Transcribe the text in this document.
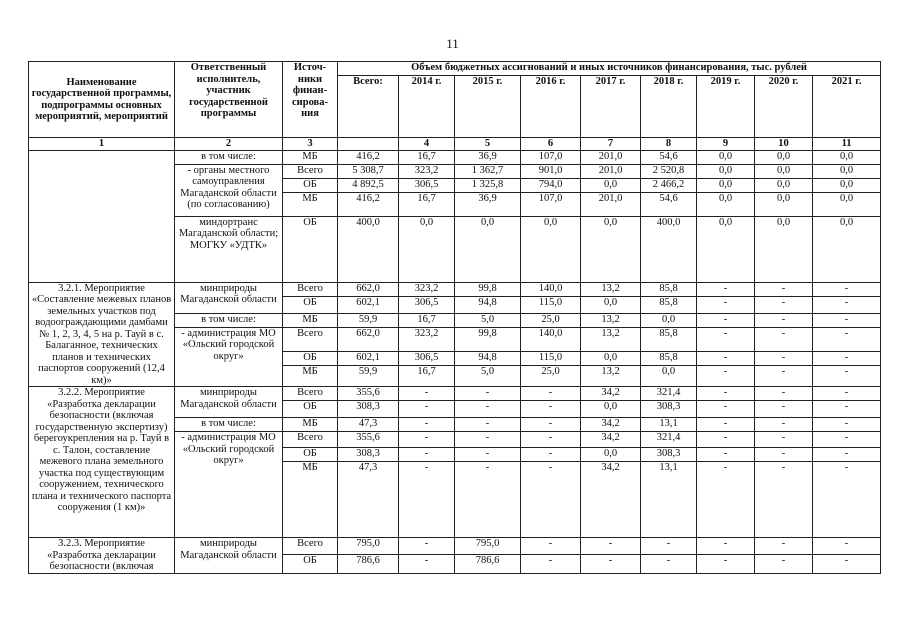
11
Наименование государственной программы, подпрограммы основных мероприятий, мероприятий	Ответственный исполнитель, участник государственной программы	Источ-ники финан-сирова-ния	Объем бюджетных ассигнований и иных источников финансирования, тыс. рублей								
			Всего:	2014 г.	2015 г.	2016 г.	2017 г.	2018 г.	2019 г.	2020 г.	2021 г.
1	2	3		4	5	6	7	8	9	10	11
	в том числе:	МБ	416,2	16,7	36,9	107,0	201,0	54,6	0,0	0,0	0,0
	- органы местного самоуправления Магаданской области (по согласованию)	Всего	5 308,7	323,2	1 362,7	901,0	201,0	2 520,8	0,0	0,0	0,0
		ОБ	4 892,5	306,5	1 325,8	794,0	0,0	2 466,2	0,0	0,0	0,0
		МБ	416,2	16,7	36,9	107,0	201,0	54,6	0,0	0,0	0,0
	миндортранс Магаданской области; МОГКУ «УДТК»	ОБ	400,0	0,0	0,0	0,0	0,0	400,0	0,0	0,0	0,0
3.2.1. Мероприятие «Составление межевых планов земельных участков под водоограждающими дамбами № 1, 2, 3, 4, 5 на р. Тауй в с. Балаганное, технических планов и технических паспортов сооружений (12,4 км)»	минприроды Магаданской области	Всего	662,0	323,2	99,8	140,0	13,2	85,8	-	-	-
		ОБ	602,1	306,5	94,8	115,0	0,0	85,8	-	-	-
	в том числе:	МБ	59,9	16,7	5,0	25,0	13,2	0,0	-	-	-
	- администрация МО «Ольский городской округ»	Всего	662,0	323,2	99,8	140,0	13,2	85,8	-	-	-
		ОБ	602,1	306,5	94,8	115,0	0,0	85,8	-	-	-
		МБ	59,9	16,7	5,0	25,0	13,2	0,0	-	-	-
3.2.2. Мероприятие «Разработка декларации безопасности (включая государственную экспертизу) берегоукрепления на р. Тауй в с. Талон, составление межевого плана земельного участка под существующим сооружением, технического плана и технического паспорта сооружения (1 км)»	минприроды Магаданской области	Всего	355,6	-	-	-	34,2	321,4	-	-	-
		ОБ	308,3	-	-	-	0,0	308,3	-	-	-
	в том числе:	МБ	47,3	-	-	-	34,2	13,1	-	-	-
	- администрация МО «Ольский городской округ»	Всего	355,6	-	-	-	34,2	321,4	-	-	-
		ОБ	308,3	-	-	-	0,0	308,3	-	-	-
		МБ	47,3	-	-	-	34,2	13,1	-	-	-
3.2.3. Мероприятие «Разработка декларации безопасности (включая	минприроды Магаданской области	Всего	795,0	-	795,0	-	-	-	-	-	-
		ОБ	786,6	-	786,6	-	-	-	-	-	-
